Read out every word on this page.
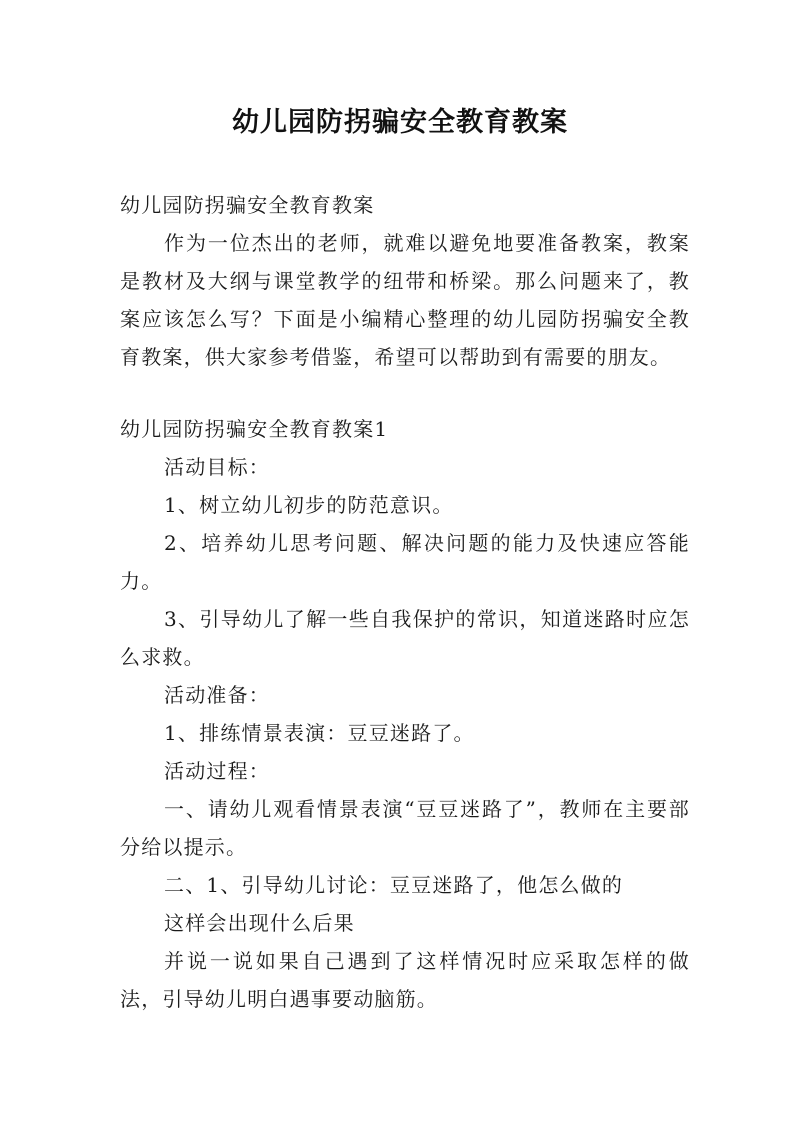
幼儿园防拐骗安全教育教案

幼儿园防拐骗安全教育教案

作为一位杰出的老师，就难以避免地要准备教案，教案是教材及大纲与课堂教学的纽带和桥梁。那么问题来了，教案应该怎么写？下面是小编精心整理的幼儿园防拐骗安全教育教案，供大家参考借鉴，希望可以帮助到有需要的朋友。

幼儿园防拐骗安全教育教案1

活动目标：

1、树立幼儿初步的防范意识。

2、培养幼儿思考问题、解决问题的能力及快速应答能力。

3、引导幼儿了解一些自我保护的常识，知道迷路时应怎么求救。

活动准备：

1、排练情景表演：豆豆迷路了。

活动过程：

一、请幼儿观看情景表演“豆豆迷路了”，教师在主要部分给以提示。

二、1、引导幼儿讨论：豆豆迷路了，他怎么做的

这样会出现什么后果

并说一说如果自己遇到了这样情况时应采取怎样的做法，引导幼儿明白遇事要动脑筋。
